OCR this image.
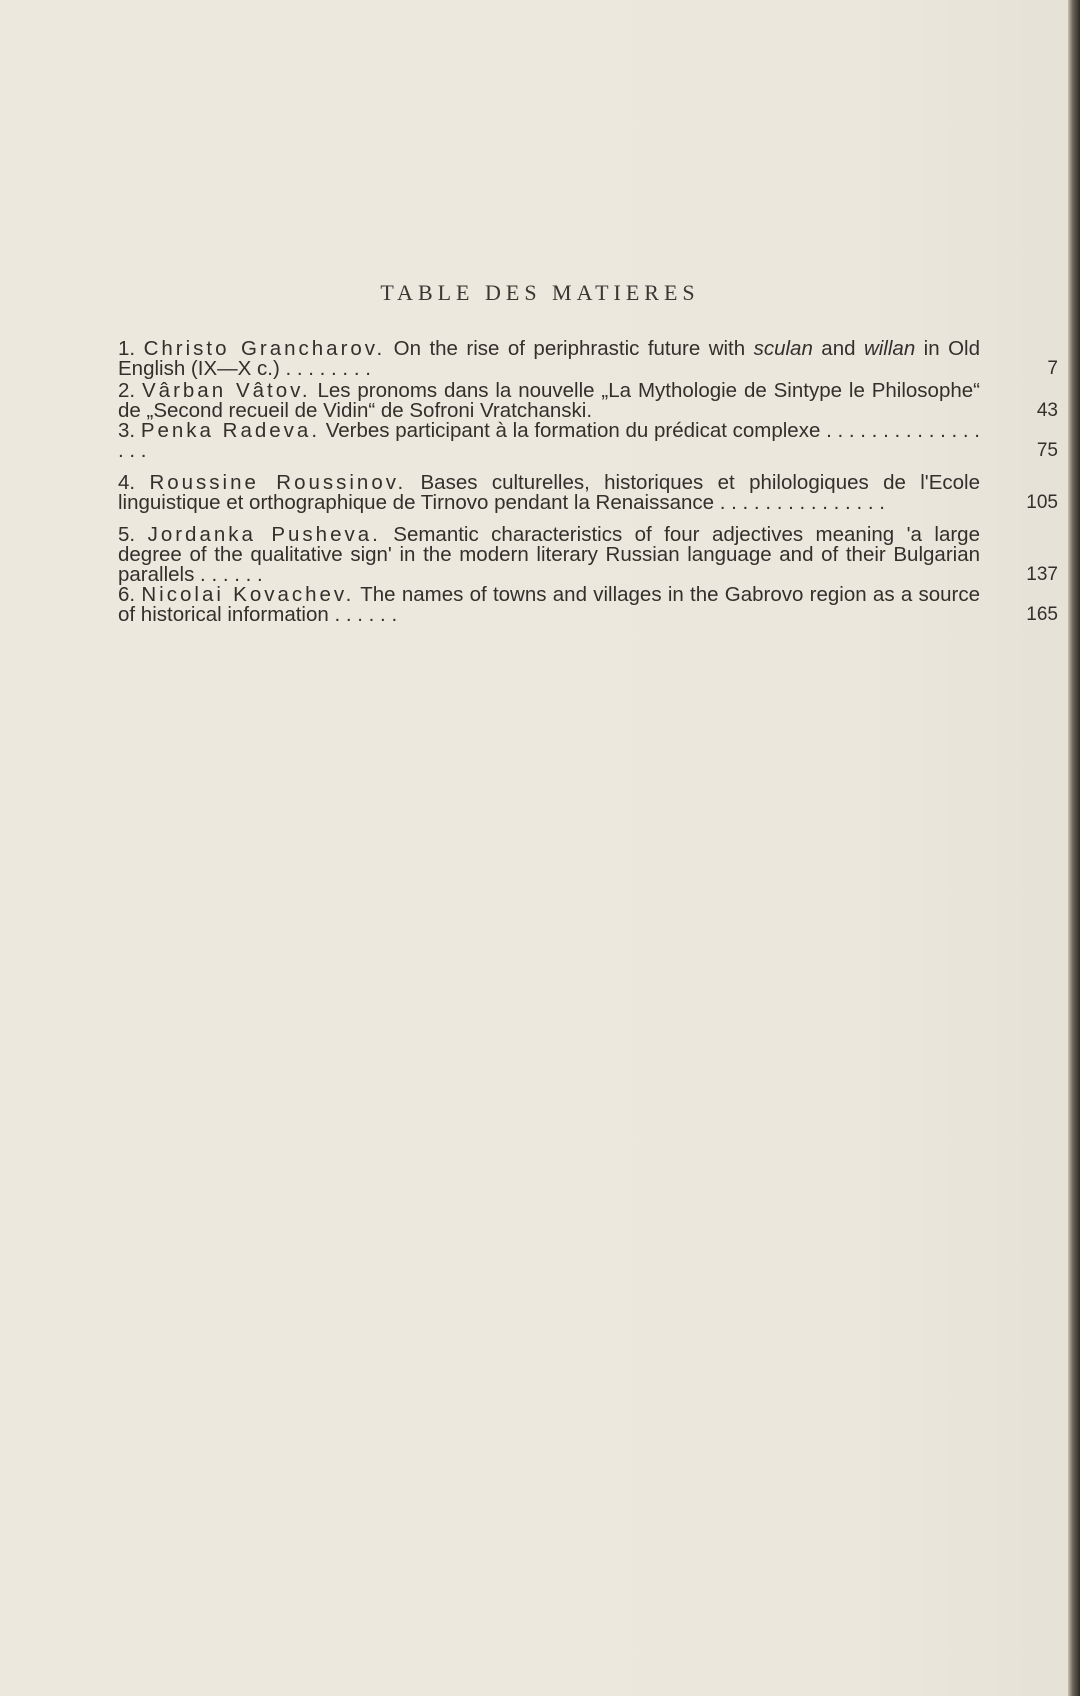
TABLE DES MATIERES
1. Christo Grancharov. On the rise of periphrastic future with sculan and willan in Old English (IX—X c.) . . . . . . . .	7
2. Vârban Vâtov. Les pronoms dans la nouvelle „La Mythologie de Sintype le Philosophe“ de „Second recueil de Vidin“ de Sofroni Vratchanski.	43
3. Penka Radeva. Verbes participant à la formation du prédicat complexe . . . . . . . . . . . . . . . . .	75
4. Roussine Roussinov. Bases culturelles, historiques et philologiques de l'Ecole linguistique et orthographique de Tirnovo pendant la Renaissance . . . . . . . . . . . . . . .	105
5. Jordanka Pusheva. Semantic characteristics of four adjectives meaning 'a large degree of the qualitative sign' in the modern literary Russian language and of their Bulgarian parallels . . . . . .	137
6. Nicolai Kovachev. The names of towns and villages in the Gabrovo region as a source of historical information . . . . . .	165
